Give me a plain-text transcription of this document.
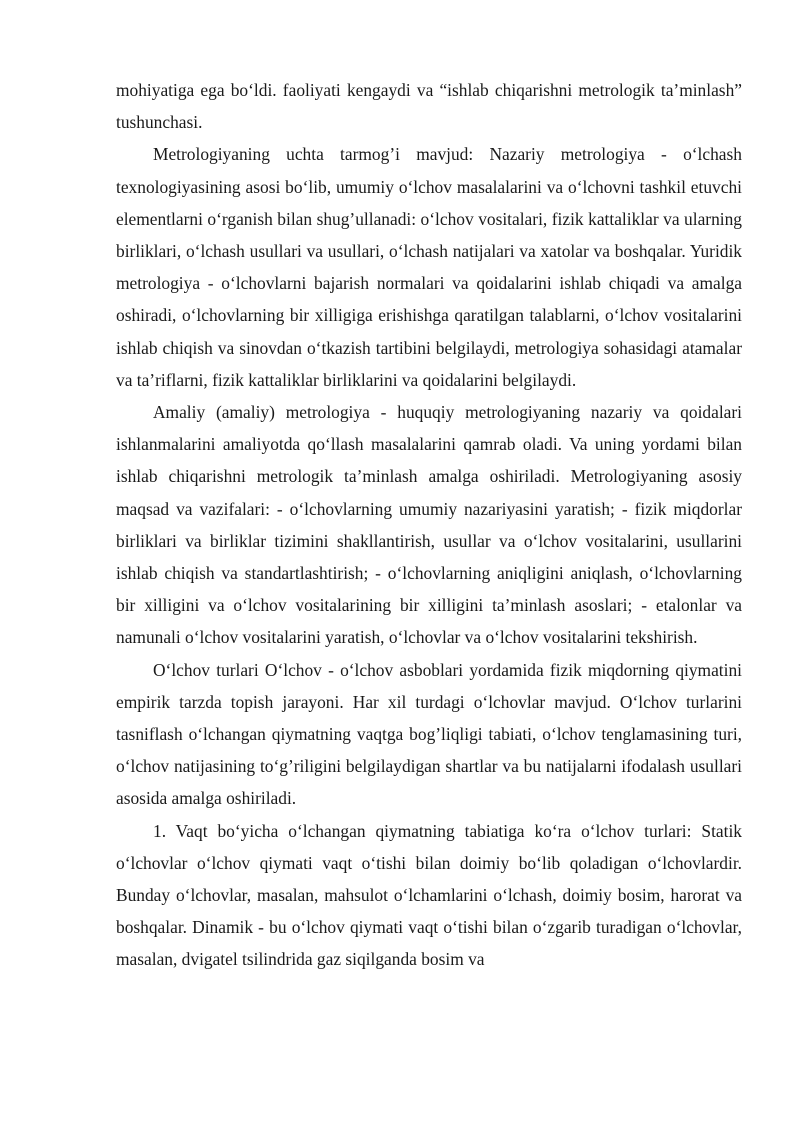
mohiyatiga ega bo‘ldi. faoliyati kengaydi va “ishlab chiqarishni metrologik ta’minlash” tushunchasi.

Metrologiyaning uchta tarmog’i mavjud: Nazariy metrologiya - o‘lchash texnologiyasining asosi bo‘lib, umumiy o‘lchov masalalarini va o‘lchovni tashkil etuvchi elementlarni o‘rganish bilan shug’ullanadi: o‘lchov vositalari, fizik kattaliklar va ularning birliklari, o‘lchash usullari va usullari, o‘lchash natijalari va xatolar va boshqalar. Yuridik metrologiya - o‘lchovlarni bajarish normalari va qoidalarini ishlab chiqadi va amalga oshiradi, o‘lchovlarning bir xilligiga erishishga qaratilgan talablarni, o‘lchov vositalarini ishlab chiqish va sinovdan o‘tkazish tartibini belgilaydi, metrologiya sohasidagi atamalar va ta’riflarni, fizik kattaliklar birliklarini va qoidalarini belgilaydi.

Amaliy (amaliy) metrologiya - huquqiy metrologiyaning nazariy va qoidalari ishlanmalarini amaliyotda qo‘llash masalalarini qamrab oladi. Va uning yordami bilan ishlab chiqarishni metrologik ta’minlash amalga oshiriladi. Metrologiyaning asosiy maqsad va vazifalari: - o‘lchovlarning umumiy nazariyasini yaratish; - fizik miqdorlar birliklari va birliklar tizimini shakllantirish, usullar va o‘lchov vositalarini, usullarini ishlab chiqish va standartlashtirish; - o‘lchovlarning aniqligini aniqlash, o‘lchovlarning bir xilligini va o‘lchov vositalarining bir xilligini ta’minlash asoslari; - etalonlar va namunali o‘lchov vositalarini yaratish, o‘lchovlar va o‘lchov vositalarini tekshirish.

O‘lchov turlari O‘lchov - o‘lchov asboblari yordamida fizik miqdorning qiymatini empirik tarzda topish jarayoni. Har xil turdagi o‘lchovlar mavjud. O‘lchov turlarini tasniflash o‘lchangan qiymatning vaqtga bog’liqligi tabiati, o‘lchov tenglamasining turi, o‘lchov natijasining to‘g’riligini belgilaydigan shartlar va bu natijalarni ifodalash usullari asosida amalga oshiriladi.

1. Vaqt bo‘yicha o‘lchangan qiymatning tabiatiga ko‘ra o‘lchov turlari: Statik o‘lchovlar o‘lchov qiymati vaqt o‘tishi bilan doimiy bo‘lib qoladigan o‘lchovlardir. Bunday o‘lchovlar, masalan, mahsulot o‘lchamlarini o‘lchash, doimiy bosim, harorat va boshqalar. Dinamik - bu o‘lchov qiymati vaqt o‘tishi bilan o‘zgarib turadigan o‘lchovlar, masalan, dvigatel tsilindrida gaz siqilganda bosim va
